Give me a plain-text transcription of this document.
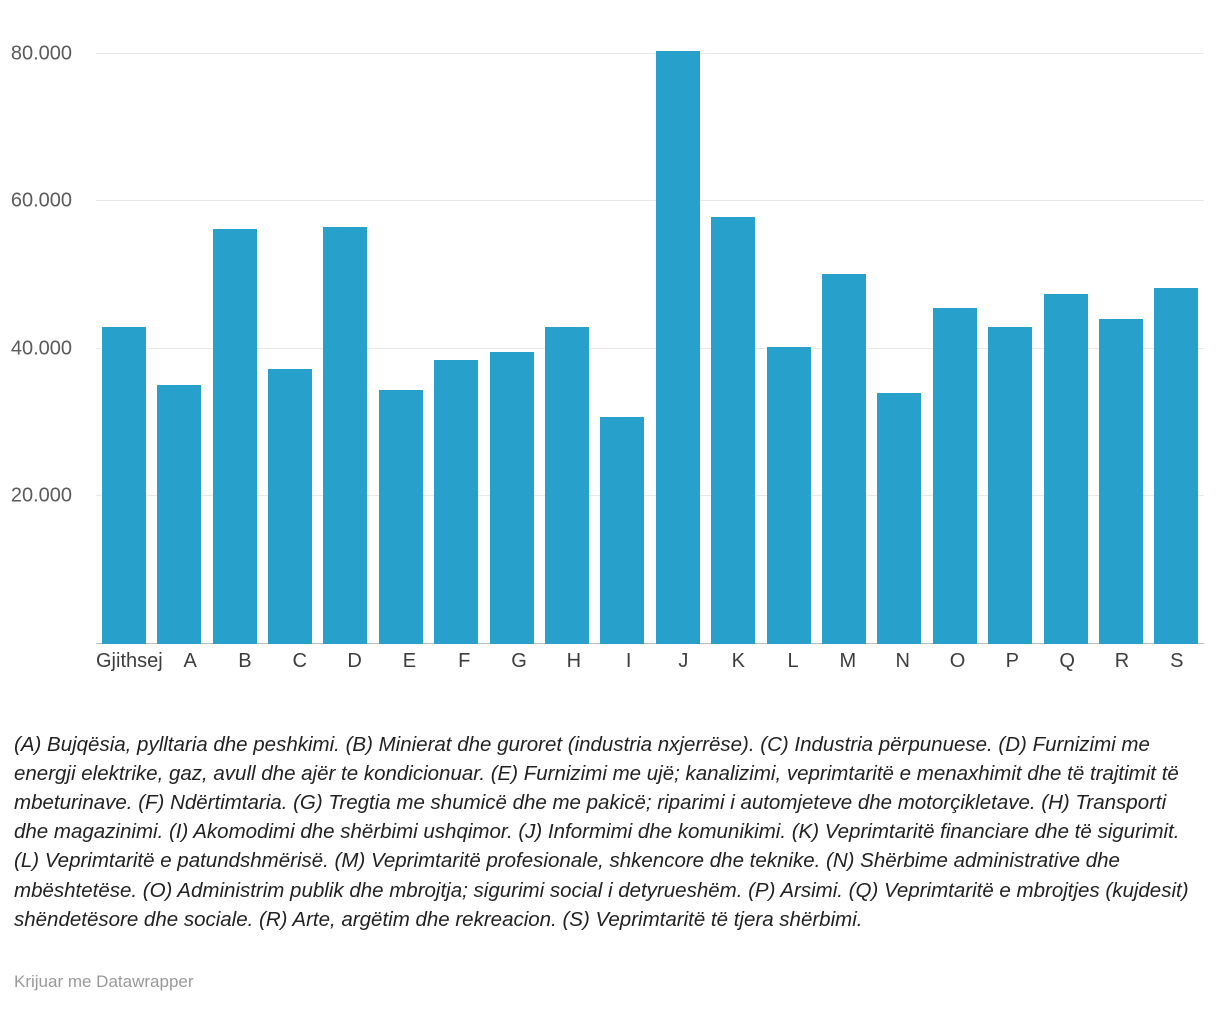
20.000
40.000
60.000
80.000
Gjithsej	A	B	C	D	E	F	G	H	I	J	K	L	M	N	O	P	Q	R	S
(A) Bujqësia, pylltaria dhe peshkimi. (B) Minierat dhe guroret (industria nxjerrëse). (C) Industria përpunuese. (D) Furnizimi me energji elektrike, gaz, avull dhe ajër te kondicionuar. (E) Furnizimi me ujë; kanalizimi, veprimtaritë e menaxhimit dhe të trajtimit të mbeturinave. (F) Ndërtimtaria. (G) Tregtia me shumicë dhe me pakicë; riparimi i automjeteve dhe motorçikletave. (H) Transporti dhe magazinimi. (I) Akomodimi dhe shërbimi ushqimor. (J) Informimi dhe komunikimi. (K) Veprimtaritë financiare dhe të sigurimit. (L) Veprimtaritë e patundshmërisë. (M) Veprimtaritë profesionale, shkencore dhe teknike. (N) Shërbime administrative dhe mbështetëse. (O) Administrim publik dhe mbrojtja; sigurimi social i detyrueshëm. (P) Arsimi. (Q) Veprimtaritë e mbrojtjes (kujdesit) shëndetësore dhe sociale. (R) Arte, argëtim dhe rekreacion. (S) Veprimtaritë të tjera shërbimi.
Krijuar me Datawrapper
